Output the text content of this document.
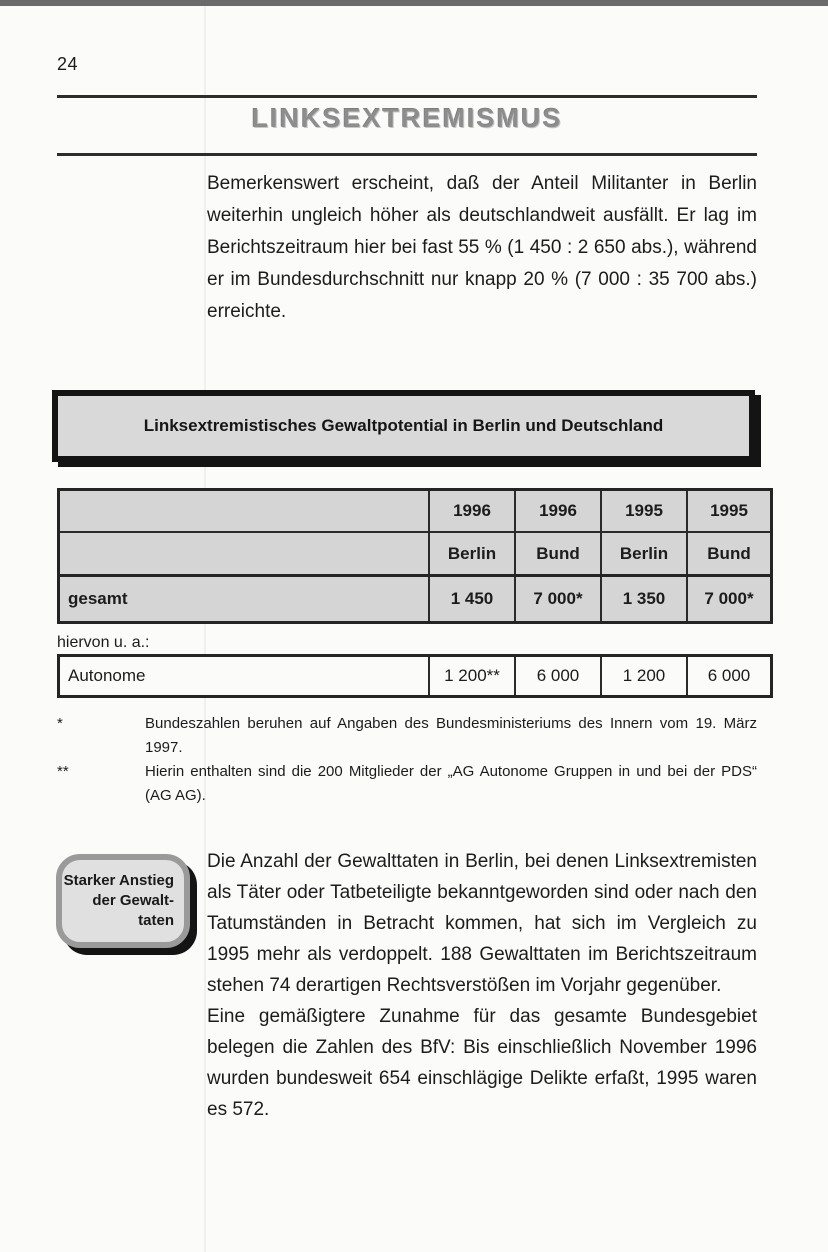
24
LINKSEXTREMISMUS
Bemerkenswert erscheint, daß der Anteil Militanter in Berlin weiterhin ungleich höher als deutschlandweit ausfällt. Er lag im Berichtszeitraum hier bei fast 55 % (1 450 : 2 650 abs.), während er im Bundesdurchschnitt nur knapp 20 % (7 000 : 35 700 abs.) erreichte.
Linksextremistisches Gewaltpotential in Berlin und Deutschland
	1996	1996	1995	1995
	Berlin	Bund	Berlin	Bund
gesamt	1 450	7 000*	1 350	7 000*
hiervon u. a.:
Autonome	1 200**	6 000	1 200	6 000
*	Bundeszahlen beruhen auf Angaben des Bundesministeriums des Innern vom 19. März 1997.
**	Hierin enthalten sind die 200 Mitglieder der „AG Autonome Gruppen in und bei der PDS“ (AG AG).
Starker Anstieg
der Gewalt-
taten

Die Anzahl der Gewalttaten in Berlin, bei denen Linksextremisten als Täter oder Tatbeteiligte bekanntgeworden sind oder nach den Tatumständen in Betracht kommen, hat sich im Vergleich zu 1995 mehr als verdoppelt. 188 Gewalttaten im Berichtszeitraum stehen 74 derartigen Rechtsverstößen im Vorjahr gegenüber.

Eine gemäßigtere Zunahme für das gesamte Bundesgebiet belegen die Zahlen des BfV: Bis einschließlich November 1996 wurden bundesweit 654 einschlägige Delikte erfaßt, 1995 waren es 572.
